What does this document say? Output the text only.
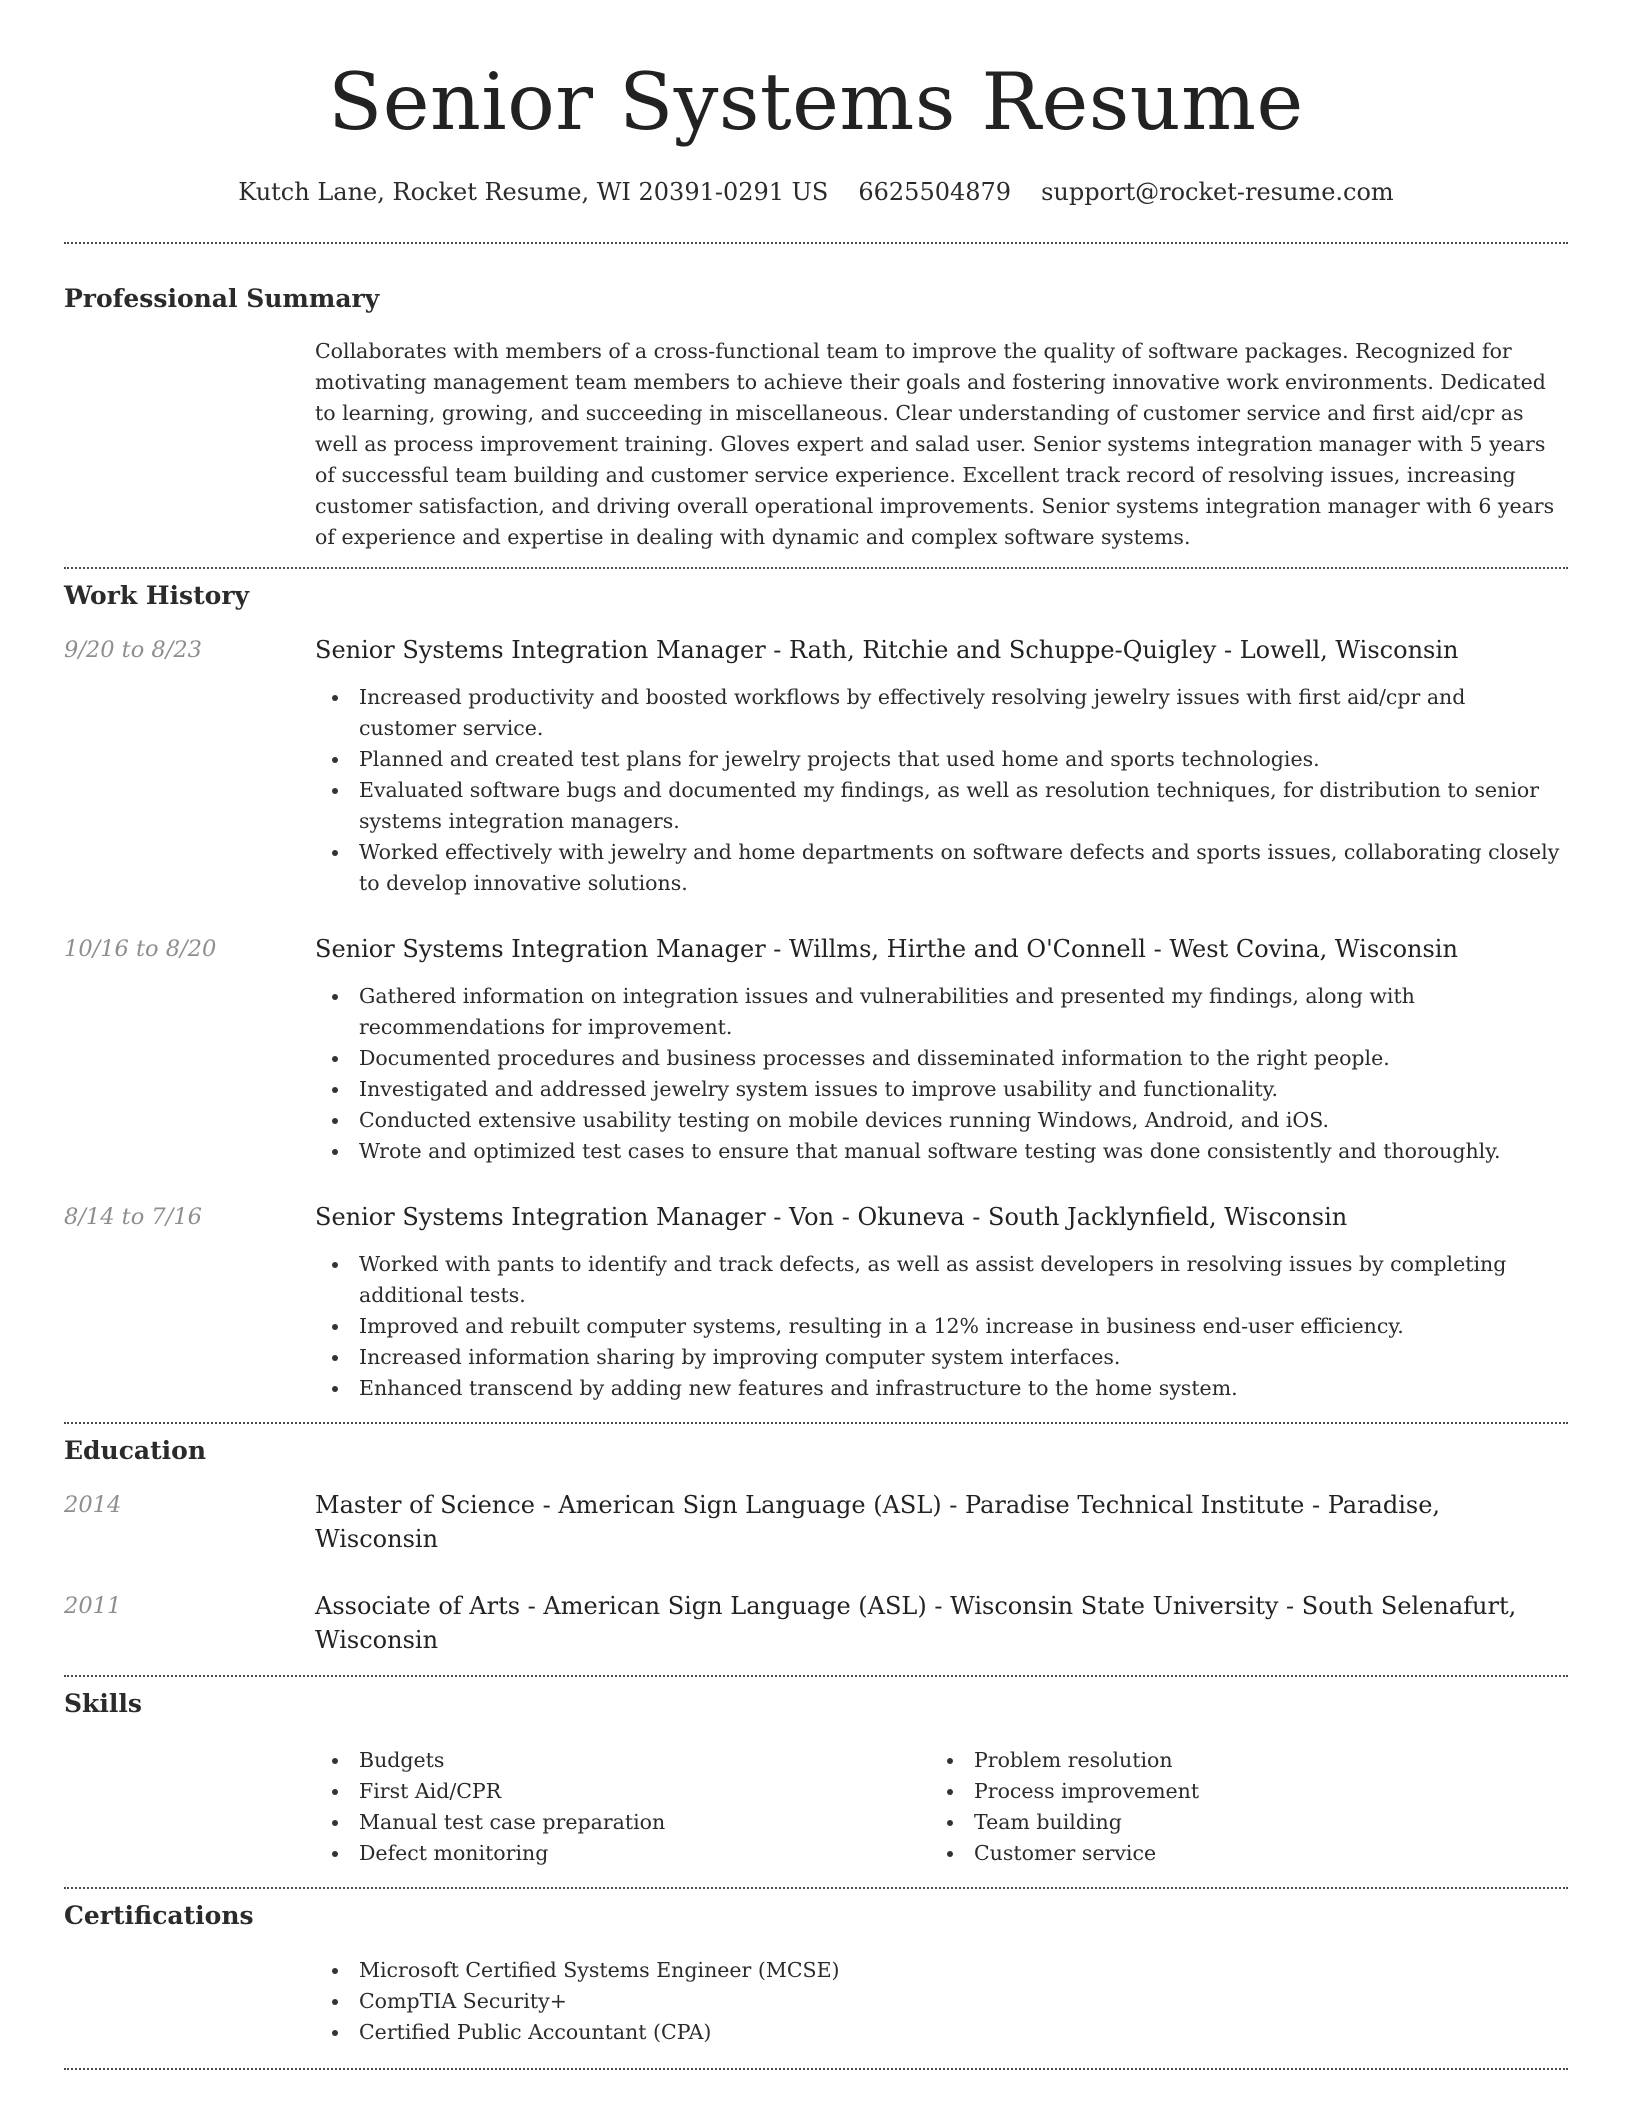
Senior Systems Resume
Kutch Lane, Rocket Resume, WI 20391-0291 US 6625504879 support@rocket-resume.com
Professional Summary
Collaborates with members of a cross-functional team to improve the quality of software packages. Recognized for motivating management team members to achieve their goals and fostering innovative work environments. Dedicated to learning, growing, and succeeding in miscellaneous. Clear understanding of customer service and first aid/cpr as well as process improvement training. Gloves expert and salad user. Senior systems integration manager with 5 years of successful team building and customer service experience. Excellent track record of resolving issues, increasing customer satisfaction, and driving overall operational improvements. Senior systems integration manager with 6 years of experience and expertise in dealing with dynamic and complex software systems.
Work History
9/20 to 8/23	Senior Systems Integration Manager - Rath, Ritchie and Schuppe-Quigley - Lowell, Wisconsin
Increased productivity and boosted workflows by effectively resolving jewelry issues with first aid/cpr and customer service.
Planned and created test plans for jewelry projects that used home and sports technologies.
Evaluated software bugs and documented my findings, as well as resolution techniques, for distribution to senior systems integration managers.
Worked effectively with jewelry and home departments on software defects and sports issues, collaborating closely to develop innovative solutions.
10/16 to 8/20	Senior Systems Integration Manager - Willms, Hirthe and O'Connell - West Covina, Wisconsin
Gathered information on integration issues and vulnerabilities and presented my findings, along with recommendations for improvement.
Documented procedures and business processes and disseminated information to the right people.
Investigated and addressed jewelry system issues to improve usability and functionality.
Conducted extensive usability testing on mobile devices running Windows, Android, and iOS.
Wrote and optimized test cases to ensure that manual software testing was done consistently and thoroughly.
8/14 to 7/16	Senior Systems Integration Manager - Von - Okuneva - South Jacklynfield, Wisconsin
Worked with pants to identify and track defects, as well as assist developers in resolving issues by completing additional tests.
Improved and rebuilt computer systems, resulting in a 12% increase in business end-user efficiency.
Increased information sharing by improving computer system interfaces.
Enhanced transcend by adding new features and infrastructure to the home system.
Education
2014	Master of Science - American Sign Language (ASL) - Paradise Technical Institute - Paradise, Wisconsin
2011	Associate of Arts - American Sign Language (ASL) - Wisconsin State University - South Selenafurt, Wisconsin
Skills
Budgets
First Aid/CPR
Manual test case preparation
Defect monitoring
Problem resolution
Process improvement
Team building
Customer service
Certifications
Microsoft Certified Systems Engineer (MCSE)
CompTIA Security+
Certified Public Accountant (CPA)
